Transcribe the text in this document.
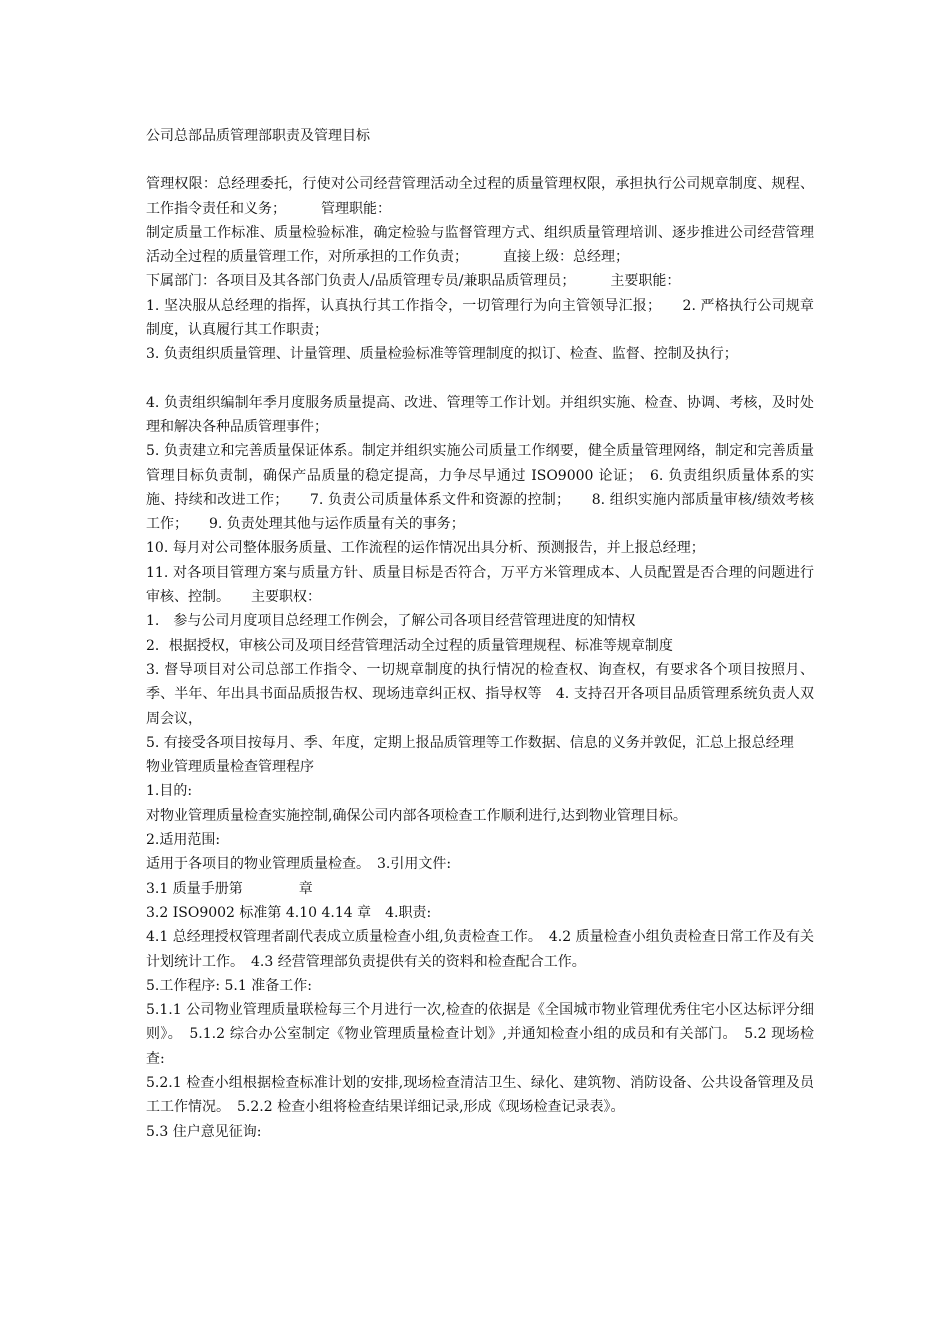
公司总部品质管理部职责及管理目标

管理权限：总经理委托，行使对公司经营管理活动全过程的质量管理权限，承担执行公司规章制度、规程、工作指令责任和义务；　　　管理职能：

制定质量工作标准、质量检验标准，确定检验与监督管理方式、组织质量管理培训、逐步推进公司经营管理活动全过程的质量管理工作，对所承担的工作负责；　　　直接上级：总经理；

下属部门：各项目及其各部门负责人/品质管理专员/兼职品质管理员；　　　主要职能：

1. 坚决服从总经理的指挥，认真执行其工作指令，一切管理行为向主管领导汇报；　　2. 严格执行公司规章制度，认真履行其工作职责；

3. 负责组织质量管理、计量管理、质量检验标准等管理制度的拟订、检查、监督、控制及执行；

4. 负责组织编制年季月度服务质量提高、改进、管理等工作计划。并组织实施、检查、协调、考核，及时处理和解决各种品质管理事件；

5. 负责建立和完善质量保证体系。制定并组织实施公司质量工作纲要，健全质量管理网络，制定和完善质量管理目标负责制，确保产品质量的稳定提高，力争尽早通过 ISO9000 论证；　6. 负责组织质量体系的实施、持续和改进工作；　　7. 负责公司质量体系文件和资源的控制；　　8. 组织实施内部质量审核/绩效考核工作；　　9. 负责处理其他与运作质量有关的事务；

10. 每月对公司整体服务质量、工作流程的运作情况出具分析、预测报告，并上报总经理；

11. 对各项目管理方案与质量方针、质量目标是否符合，万平方米管理成本、人员配置是否合理的问题进行审核、控制。　　主要职权：

1.　参与公司月度项目总经理工作例会，了解公司各项目经营管理进度的知情权

2．根据授权，审核公司及项目经营管理活动全过程的质量管理规程、标准等规章制度

3. 督导项目对公司总部工作指令、一切规章制度的执行情况的检查权、询查权，有要求各个项目按照月、季、半年、年出具书面品质报告权、现场违章纠正权、指导权等　4. 支持召开各项目品质管理系统负责人双周会议，

5. 有接受各项目按每月、季、年度，定期上报品质管理等工作数据、信息的义务并敦促，汇总上报总经理

物业管理质量检查管理程序

1.目的:

对物业管理质量检查实施控制,确保公司内部各项检查工作顺利进行,达到物业管理目标。

2.适用范围:

适用于各项目的物业管理质量检查。　3.引用文件:

3.1 质量手册第　　　　章

3.2 ISO9002 标准第 4.10 4.14 章　4.职责:

4.1 总经理授权管理者副代表成立质量检查小组,负责检查工作。　4.2 质量检查小组负责检查日常工作及有关计划统计工作。　4.3 经营管理部负责提供有关的资料和检查配合工作。

5.工作程序: 5.1 准备工作:

5.1.1 公司物业管理质量联检每三个月进行一次,检查的依据是《全国城市物业管理优秀住宅小区达标评分细则》。　5.1.2 综合办公室制定《物业管理质量检查计划》,并通知检查小组的成员和有关部门。　5.2 现场检查:

5.2.1 检查小组根据检查标准计划的安排,现场检查清洁卫生、绿化、建筑物、消防设备、公共设备管理及员工工作情况。　5.2.2 检查小组将检查结果详细记录,形成《现场检查记录表》。

5.3 住户意见征询:
